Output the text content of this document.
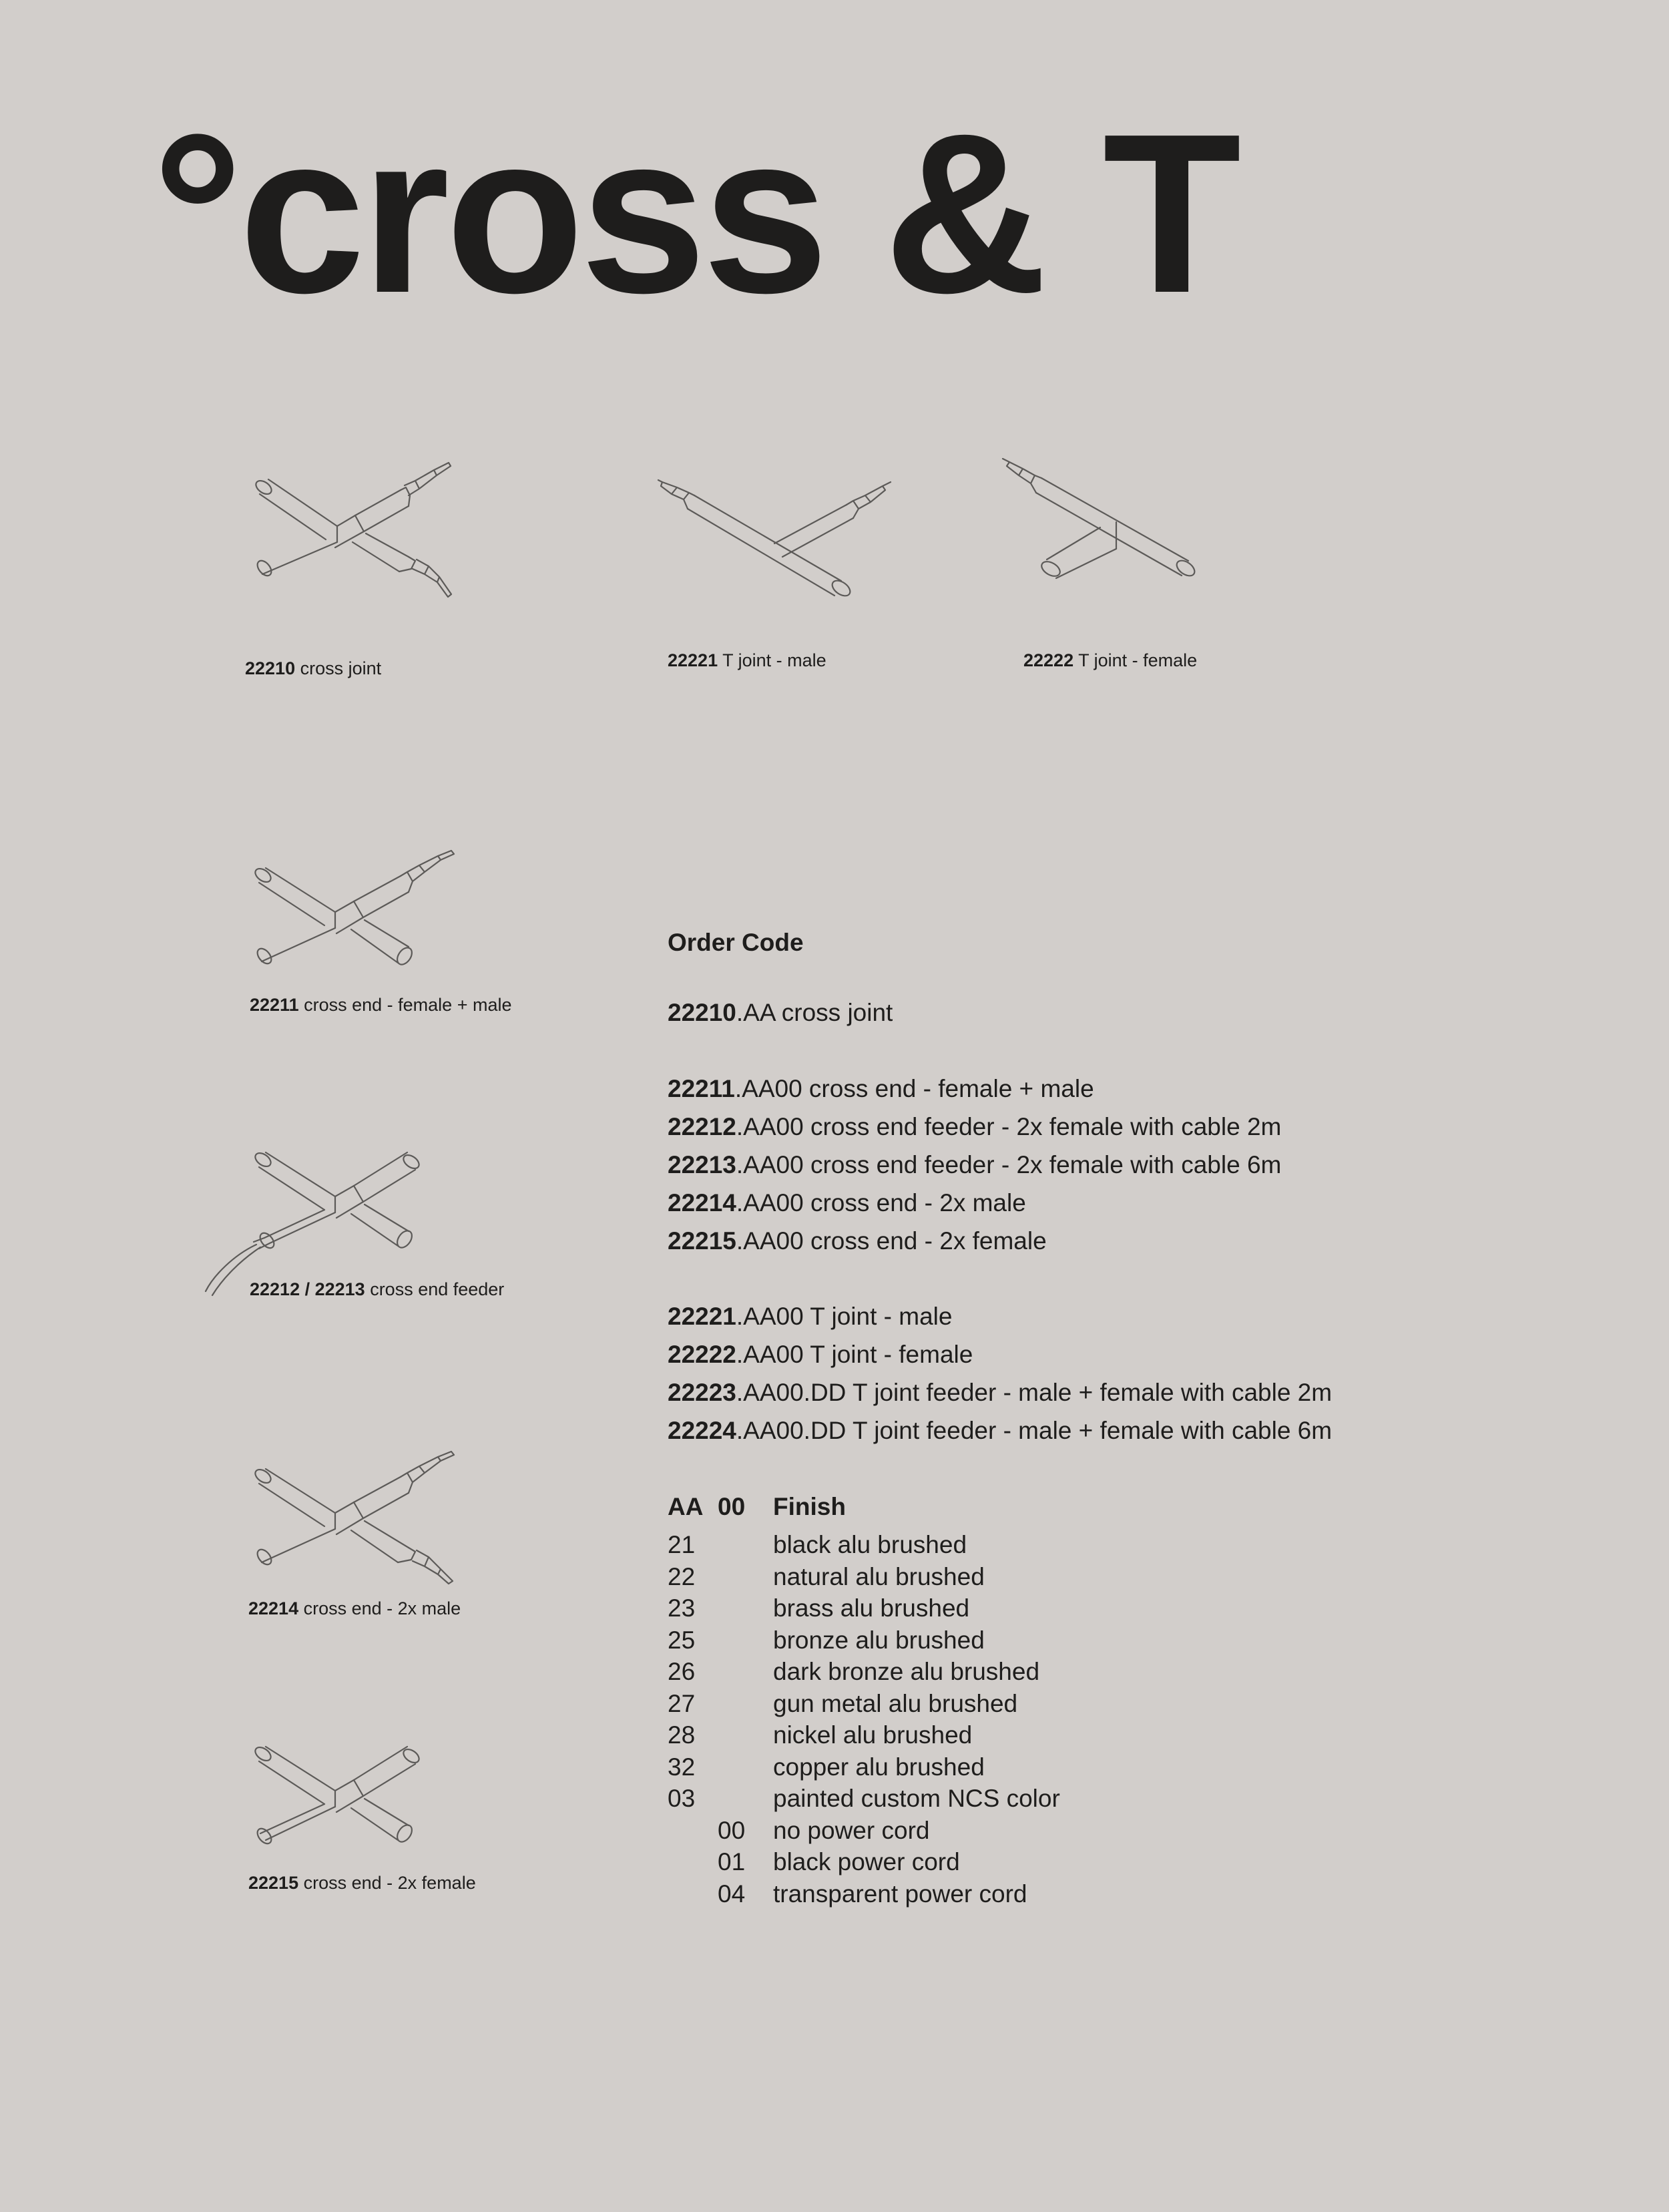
°cross & T
22210 cross joint	22221 T joint - male	22222 T joint - female
22211 cross end - female + male
22212 / 22213 cross end feeder
22214 cross end - 2x male
22215 cross end - 2x female
Order Code
22210.AA cross joint
22211.AA00 cross end - female + male
22212.AA00 cross end feeder - 2x female with cable 2m
22213.AA00 cross end feeder - 2x female with cable 6m
22214.AA00 cross end - 2x male
22215.AA00 cross end - 2x female
22221.AA00 T joint - male
22222.AA00 T joint - female
22223.AA00.DD T joint feeder - male + female with cable 2m
22224.AA00.DD T joint feeder - male + female with cable 6m
AA 00 Finish
21	black alu brushed
22	natural alu brushed
23	brass alu brushed
25	bronze alu brushed
26	dark bronze alu brushed
27	gun metal alu brushed
28	nickel alu brushed
32	copper alu brushed
03	painted custom NCS color
00 no power cord
01 black power cord
04 transparent power cord
